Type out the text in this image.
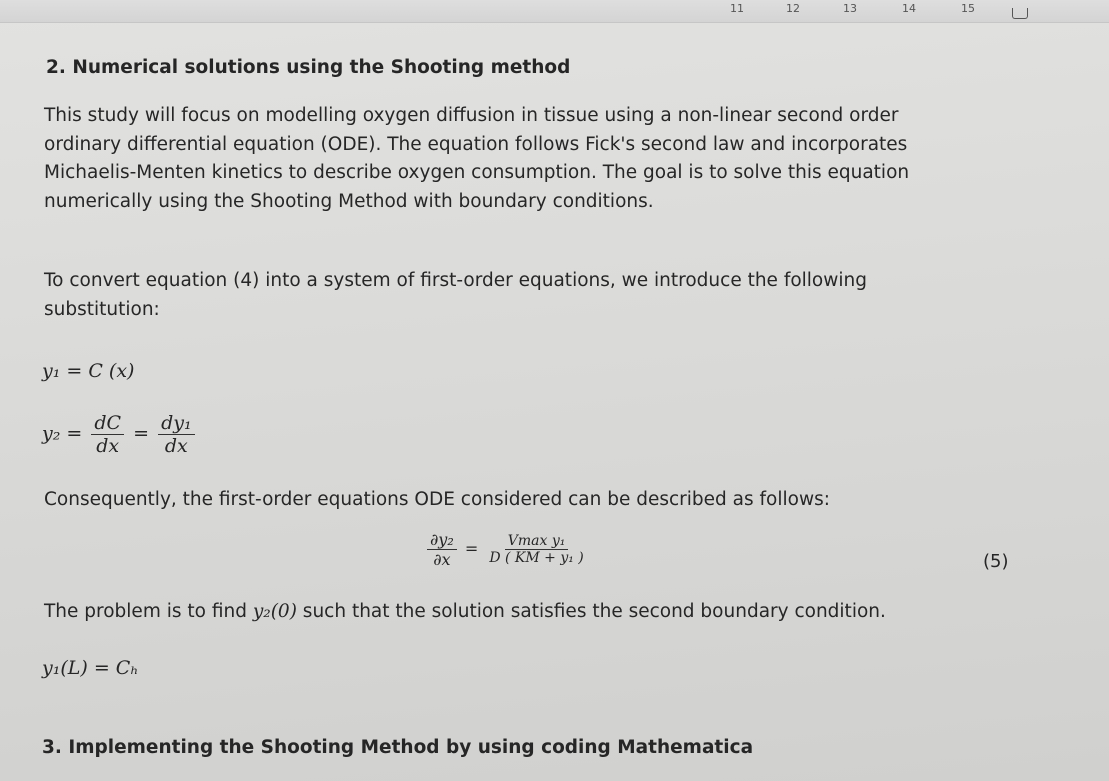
11	12	13	14	15
2. Numerical solutions using the Shooting method
This study will focus on modelling oxygen diffusion in tissue using a non-linear second order
ordinary differential equation (ODE). The equation follows Fick's second law and incorporates
Michaelis-Menten kinetics to describe oxygen consumption. The goal is to solve this equation
numerically using the Shooting Method with boundary conditions.
To convert equation (4) into a system of first-order equations, we introduce the following
substitution:
y₁ = C (x)
$y_2 = \frac{dC}{dx} = \frac{\text{dy₁}}{dx}$
Consequently, the first-order equations ODE considered can be described as follows:
$\frac{\text{∂y₂}}{\partial x} = \frac{\text{Vmax y₁}}{\text{D ( KM + y₁ )}}$	(5)
The problem is to find y₂(0) such that the solution satisfies the second boundary condition.
y₁(L) = Cₕ
3. Implementing the Shooting Method by using coding Mathematica
